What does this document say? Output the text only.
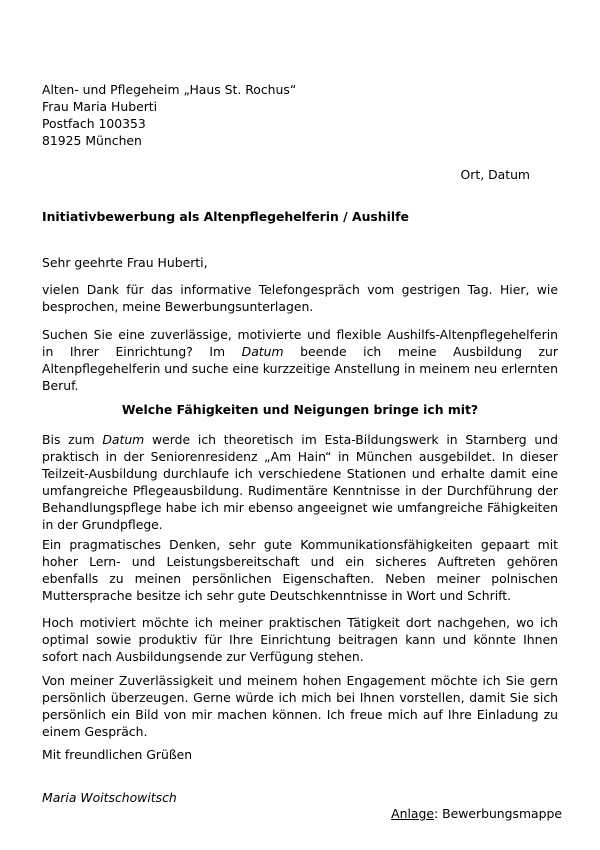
Alten- und Pflegeheim „Haus St. Rochus“
Frau Maria Huberti
Postfach 100353
81925 München
Ort, Datum
Initiativbewerbung als Altenpflegehelferin / Aushilfe
Sehr geehrte Frau Huberti,
vielen Dank für das informative Telefongespräch vom gestrigen Tag. Hier, wie besprochen, meine Bewerbungsunterlagen.
Suchen Sie eine zuverlässige, motivierte und flexible Aushilfs-Altenpflegehelferin in Ihrer Einrichtung? Im Datum beende ich meine Ausbildung zur Altenpflegehelferin und suche eine kurzzeitige Anstellung in meinem neu erlernten Beruf.
Welche Fähigkeiten und Neigungen bringe ich mit?
Bis zum Datum werde ich theoretisch im Esta-Bildungswerk in Starnberg und praktisch in der Seniorenresidenz „Am Hain“ in München ausgebildet. In dieser Teilzeit-Ausbildung durchlaufe ich verschiedene Stationen und erhalte damit eine umfangreiche Pflegeausbildung. Rudimentäre Kenntnisse in der Durchführung der Behandlungspflege habe ich mir ebenso angeeignet wie umfangreiche Fähigkeiten in der Grundpflege.
Ein pragmatisches Denken, sehr gute Kommunikationsfähigkeiten gepaart mit hoher Lern- und Leistungsbereitschaft und ein sicheres Auftreten gehören ebenfalls zu meinen persönlichen Eigenschaften. Neben meiner polnischen Muttersprache besitze ich sehr gute Deutschkenntnisse in Wort und Schrift.
Hoch motiviert möchte ich meiner praktischen Tätigkeit dort nachgehen, wo ich optimal sowie produktiv für Ihre Einrichtung beitragen kann und könnte Ihnen sofort nach Ausbildungsende zur Verfügung stehen.
Von meiner Zuverlässigkeit und meinem hohen Engagement möchte ich Sie gern persönlich überzeugen. Gerne würde ich mich bei Ihnen vorstellen, damit Sie sich persönlich ein Bild von mir machen können. Ich freue mich auf Ihre Einladung zu einem Gespräch.
Mit freundlichen Grüßen
Maria Woitschowitsch
Anlage: Bewerbungsmappe
